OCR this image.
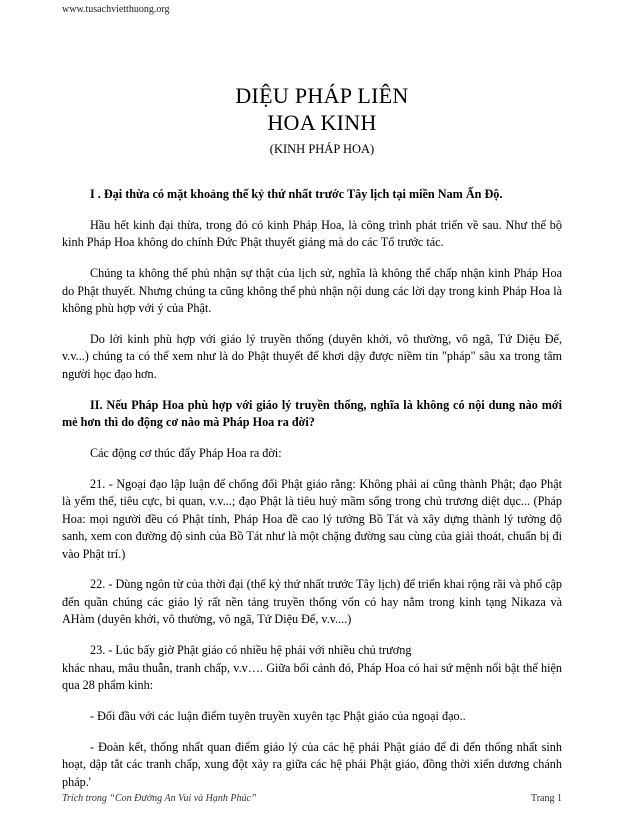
www.tusachvietthuong.org
DIỆU PHÁP LIÊN
HOA KINH
(KINH PHÁP HOA)

I . Đại thừa có mặt khoảng thế kỷ thứ nhất trước Tây lịch tại miền Nam Ấn Độ.

Hầu hết kinh đại thừa, trong đó có kinh Pháp Hoa, là công trình phát triển về sau. Như thế bộ kinh Pháp Hoa không do chính Đức Phật thuyết giảng mà do các Tổ trước tác.

Chúng ta không thể phủ nhận sự thật của lịch sử, nghĩa là không thể chấp nhận kinh Pháp Hoa do Phật thuyết. Nhưng chúng ta cũng không thể phủ nhận nội dung các lời dạy trong kinh Pháp Hoa là không phù hợp với ý của Phật.

Do lời kinh phù hợp với giáo lý truyền thống (duyên khởi, vô thường, vô ngã, Tứ Diệu Đế, v.v...) chúng ta có thể xem như là do Phật thuyết để khơi dậy được niềm tin "pháp" sâu xa trong tâm người học đạo hơn.

II. Nếu Pháp Hoa phù hợp với giáo lý truyền thống, nghĩa là không có nội dung nào mới mẻ hơn thì do động cơ nào mà Pháp Hoa ra đời?

Các động cơ thúc đẩy Pháp Hoa ra đời:

21. - Ngoại đạo lập luận để chống đối Phật giáo rằng: Không phải ai cũng thành Phật; đạo Phật là yếm thế, tiêu cực, bi quan, v.v...; đạo Phật là tiêu huỷ mầm sống trong chủ trương diệt dục... (Pháp Hoa: mọi người đều có Phật tính, Pháp Hoa đề cao lý tưởng Bồ Tát và xây dựng thành lý tưởng độ sanh, xem con đường độ sinh của Bồ Tát như là một chặng đường sau cùng của giải thoát, chuẩn bị đi vào Phật trí.)

22. - Dùng ngôn từ của thời đại (thế kỷ thứ nhất trước Tây lịch) để triển khai rộng rãi và phổ cập đến quần chúng các giáo lý rất nền tảng truyền thống vốn có hay nằm trong kinh tạng Nikaza và AHàm (duyên khởi, vô thường, vô ngã, Tứ Diệu Đế, v.v....)

23. - Lúc bấy giờ Phật giáo có nhiều hệ phái với nhiều chủ trương

khác nhau, mâu thuẫn, tranh chấp, v.v…. Giữa bối cảnh đó, Pháp Hoa có hai sứ mệnh nổi bật thể hiện qua 28 phẩm kinh:

- Đối đầu với các luận điểm tuyên truyền xuyên tạc Phật giáo của ngoại đạo..

- Đoàn kết, thống nhất quan điểm giáo lý của các hệ phái Phật giáo để đi đến thống nhất sinh hoạt, dập tắt các tranh chấp, xung đột xảy ra giữa các hệ phái Phật giáo, đồng thời xiển dương chánh pháp.'

Trích trong “Con Đường An Vui và Hạnh Phúc”	Trang 1
